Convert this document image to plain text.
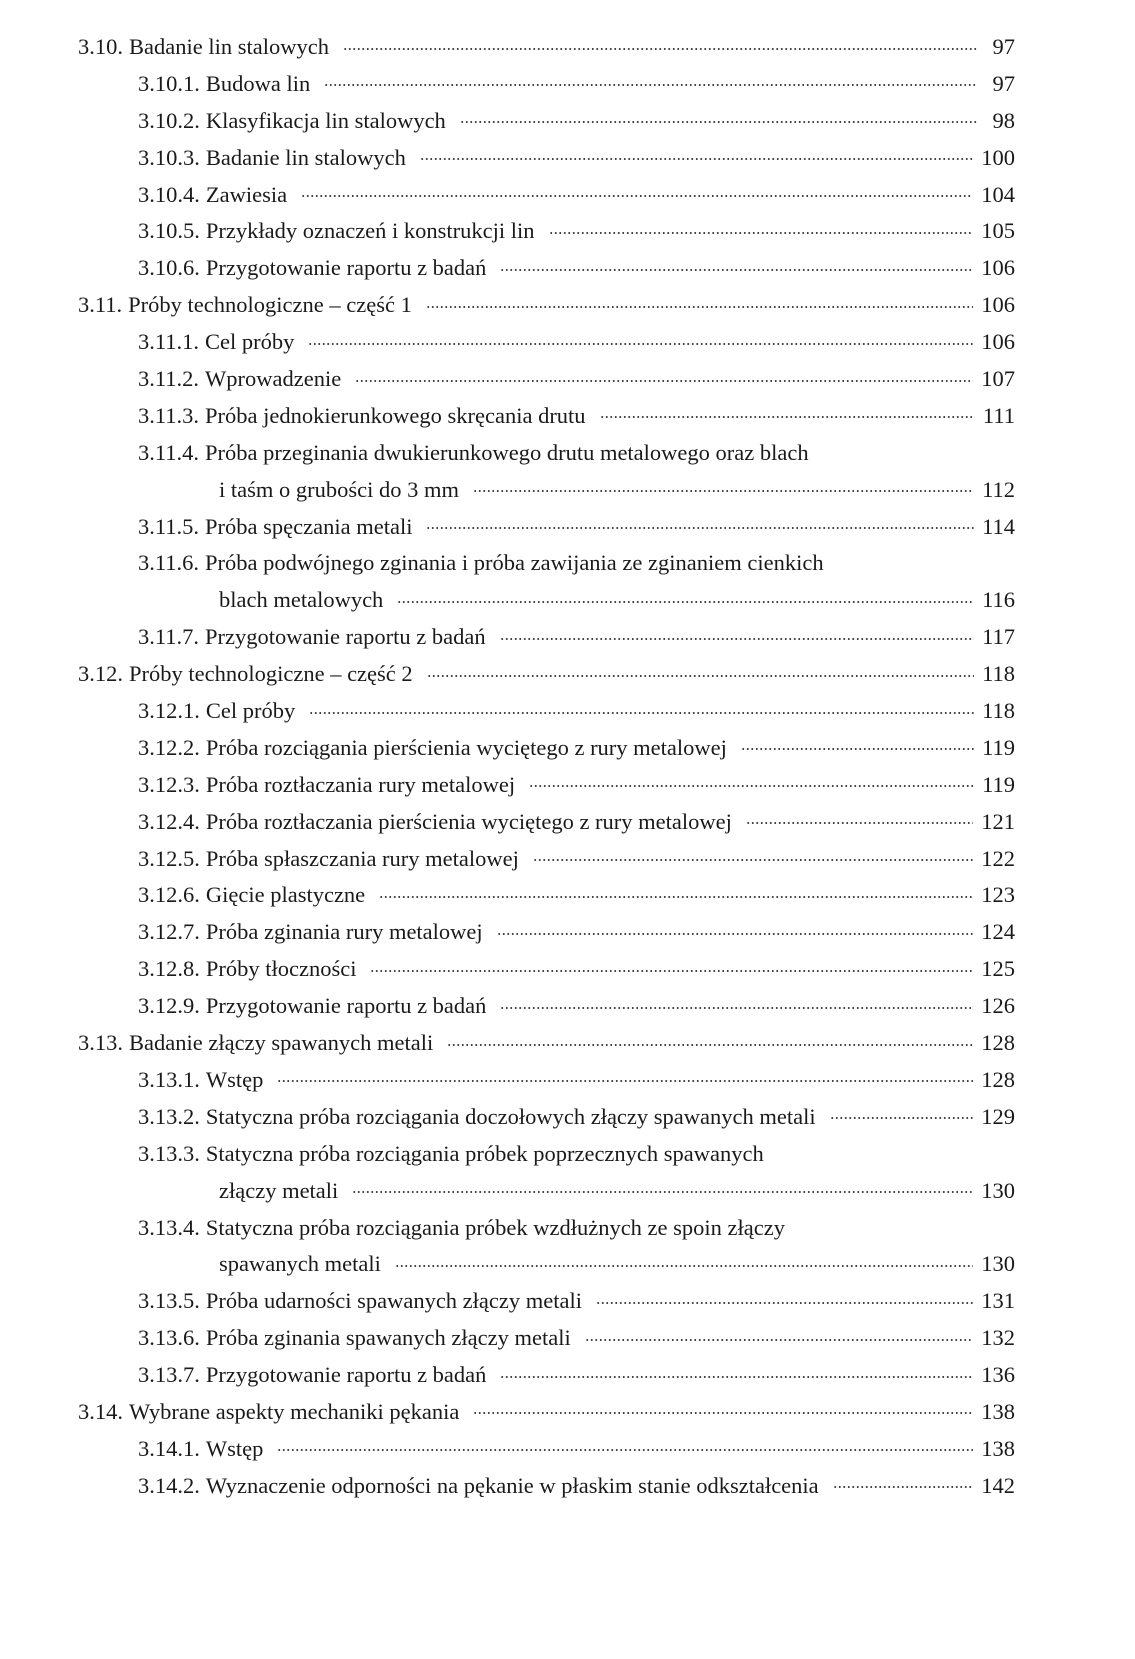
3.10. Badanie lin stalowych	97
3.10.1. Budowa lin	97
3.10.2. Klasyfikacja lin stalowych	98
3.10.3. Badanie lin stalowych	100
3.10.4. Zawiesia	104
3.10.5. Przykłady oznaczeń i konstrukcji lin	105
3.10.6. Przygotowanie raportu z badań	106
3.11. Próby technologiczne – część 1	106
3.11.1. Cel próby	106
3.11.2. Wprowadzenie	107
3.11.3. Próba jednokierunkowego skręcania drutu	111
3.11.4. Próba przeginania dwukierunkowego drutu metalowego oraz blach
i taśm o grubości do 3 mm	112
3.11.5. Próba spęczania metali	114
3.11.6. Próba podwójnego zginania i próba zawijania ze zginaniem cienkich
blach metalowych	116
3.11.7. Przygotowanie raportu z badań	117
3.12. Próby technologiczne – część 2	118
3.12.1. Cel próby	118
3.12.2. Próba rozciągania pierścienia wyciętego z rury metalowej	119
3.12.3. Próba roztłaczania rury metalowej	119
3.12.4. Próba roztłaczania pierścienia wyciętego z rury metalowej	121
3.12.5. Próba spłaszczania rury metalowej	122
3.12.6. Gięcie plastyczne	123
3.12.7. Próba zginania rury metalowej	124
3.12.8. Próby tłoczności	125
3.12.9. Przygotowanie raportu z badań	126
3.13. Badanie złączy spawanych metali	128
3.13.1. Wstęp	128
3.13.2. Statyczna próba rozciągania doczołowych złączy spawanych metali	129
3.13.3. Statyczna próba rozciągania próbek poprzecznych spawanych
złączy metali	130
3.13.4. Statyczna próba rozciągania próbek wzdłużnych ze spoin złączy
spawanych metali	130
3.13.5. Próba udarności spawanych złączy metali	131
3.13.6. Próba zginania spawanych złączy metali	132
3.13.7. Przygotowanie raportu z badań	136
3.14. Wybrane aspekty mechaniki pękania	138
3.14.1. Wstęp	138
3.14.2. Wyznaczenie odporności na pękanie w płaskim stanie odkształcenia	142
